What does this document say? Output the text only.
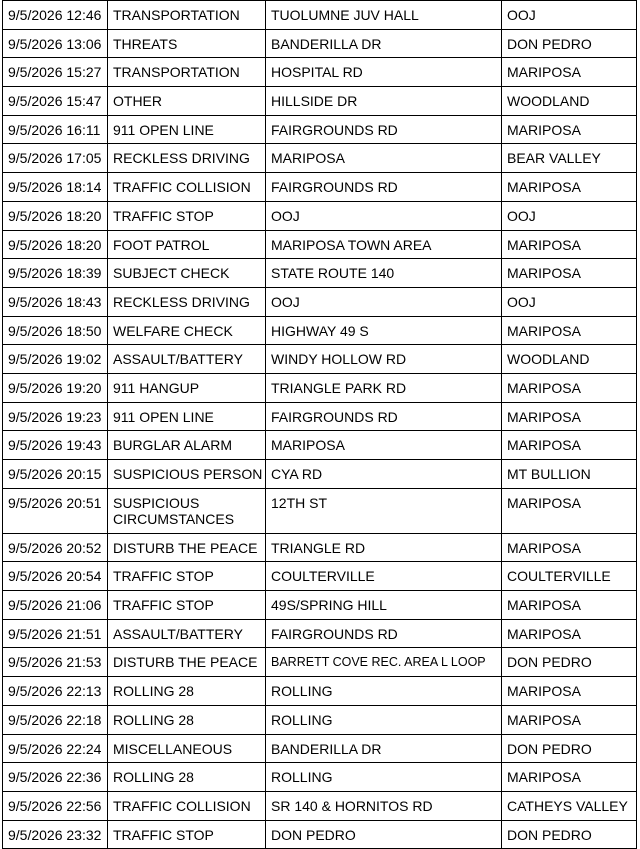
9/5/2026 12:46	TRANSPORTATION	TUOLUMNE JUV HALL	OOJ
9/5/2026 13:06	THREATS	BANDERILLA DR	DON PEDRO
9/5/2026 15:27	TRANSPORTATION	HOSPITAL RD	MARIPOSA
9/5/2026 15:47	OTHER	HILLSIDE DR	WOODLAND
9/5/2026 16:11	911 OPEN LINE	FAIRGROUNDS RD	MARIPOSA
9/5/2026 17:05	RECKLESS DRIVING	MARIPOSA	BEAR VALLEY
9/5/2026 18:14	TRAFFIC COLLISION	FAIRGROUNDS RD	MARIPOSA
9/5/2026 18:20	TRAFFIC STOP	OOJ	OOJ
9/5/2026 18:20	FOOT PATROL	MARIPOSA TOWN AREA	MARIPOSA
9/5/2026 18:39	SUBJECT CHECK	STATE ROUTE 140	MARIPOSA
9/5/2026 18:43	RECKLESS DRIVING	OOJ	OOJ
9/5/2026 18:50	WELFARE CHECK	HIGHWAY 49 S	MARIPOSA
9/5/2026 19:02	ASSAULT/BATTERY	WINDY HOLLOW RD	WOODLAND
9/5/2026 19:20	911 HANGUP	TRIANGLE PARK RD	MARIPOSA
9/5/2026 19:23	911 OPEN LINE	FAIRGROUNDS RD	MARIPOSA
9/5/2026 19:43	BURGLAR ALARM	MARIPOSA	MARIPOSA
9/5/2026 20:15	SUSPICIOUS PERSON	CYA RD	MT BULLION
9/5/2026 20:51	SUSPICIOUS CIRCUMSTANCES	12TH ST	MARIPOSA
9/5/2026 20:52	DISTURB THE PEACE	TRIANGLE RD	MARIPOSA
9/5/2026 20:54	TRAFFIC STOP	COULTERVILLE	COULTERVILLE
9/5/2026 21:06	TRAFFIC STOP	49S/SPRING HILL	MARIPOSA
9/5/2026 21:51	ASSAULT/BATTERY	FAIRGROUNDS RD	MARIPOSA
9/5/2026 21:53	DISTURB THE PEACE	BARRETT COVE REC. AREA L LOOP	DON PEDRO
9/5/2026 22:13	ROLLING 28	ROLLING	MARIPOSA
9/5/2026 22:18	ROLLING 28	ROLLING	MARIPOSA
9/5/2026 22:24	MISCELLANEOUS	BANDERILLA DR	DON PEDRO
9/5/2026 22:36	ROLLING 28	ROLLING	MARIPOSA
9/5/2026 22:56	TRAFFIC COLLISION	SR 140 & HORNITOS RD	CATHEYS VALLEY
9/5/2026 23:32	TRAFFIC STOP	DON PEDRO	DON PEDRO
